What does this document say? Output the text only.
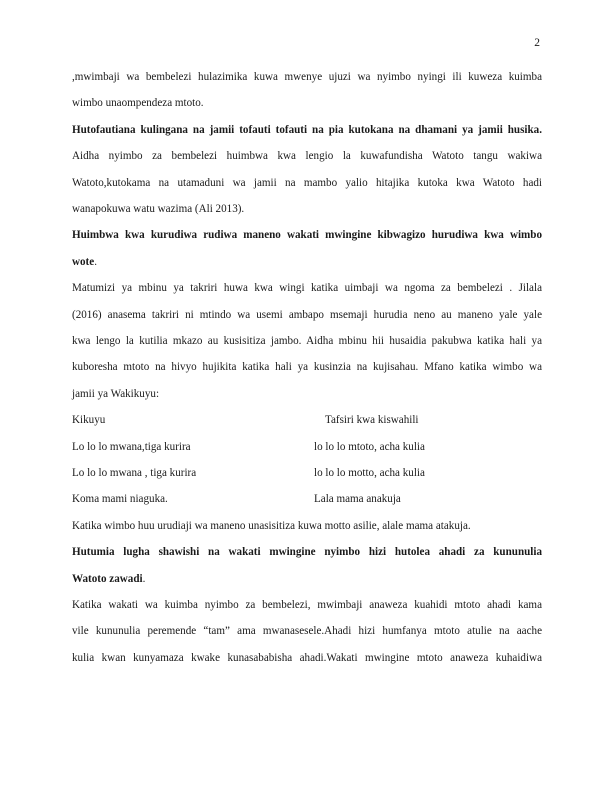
2

,mwimbaji wa bembelezi hulazimika kuwa mwenye ujuzi wa nyimbo nyingi ili kuweza kuimba

wimbo unaompendeza mtoto.

Hutofautiana kulingana na jamii tofauti tofauti na pia kutokana na dhamani ya jamii husika.

Aidha nyimbo za bembelezi huimbwa kwa lengio la kuwafundisha Watoto tangu wakiwa

Watoto,kutokama na utamaduni wa jamii na mambo yalio hitajika kutoka kwa Watoto hadi

wanapokuwa watu wazima (Ali 2013).

Huimbwa kwa kurudiwa rudiwa maneno wakati mwingine kibwagizo hurudiwa kwa wimbo

wote.

Matumizi ya mbinu ya takriri huwa kwa wingi katika uimbaji wa ngoma za bembelezi . Jilala

(2016) anasema takriri ni mtindo wa usemi ambapo msemaji hurudia neno au maneno yale yale

kwa lengo la kutilia mkazo au kusisitiza jambo. Aidha mbinu hii husaidia pakubwa katika hali ya

kuboresha mtoto na hivyo hujikita katika hali ya kusinzia na kujisahau. Mfano katika wimbo wa

jamii ya Wakikuyu:

Kikuyu	Tafsiri kwa kiswahili
Lo lo lo mwana,tiga kurira	lo lo lo mtoto, acha kulia
Lo lo lo mwana , tiga kurira	lo lo lo motto, acha kulia
Koma mami niaguka.	Lala mama anakuja

Katika wimbo huu urudiaji wa maneno unasisitiza kuwa motto asilie, alale mama atakuja.

Hutumia lugha shawishi na wakati mwingine nyimbo hizi hutolea ahadi za kununulia

Watoto zawadi.

Katika wakati wa kuimba nyimbo za bembelezi, mwimbaji anaweza kuahidi mtoto ahadi kama

vile kununulia peremende “tam” ama mwanasesele.Ahadi hizi humfanya mtoto atulie na aache

kulia kwan kunyamaza kwake kunasababisha ahadi.Wakati mwingine mtoto anaweza kuhaidiwa
